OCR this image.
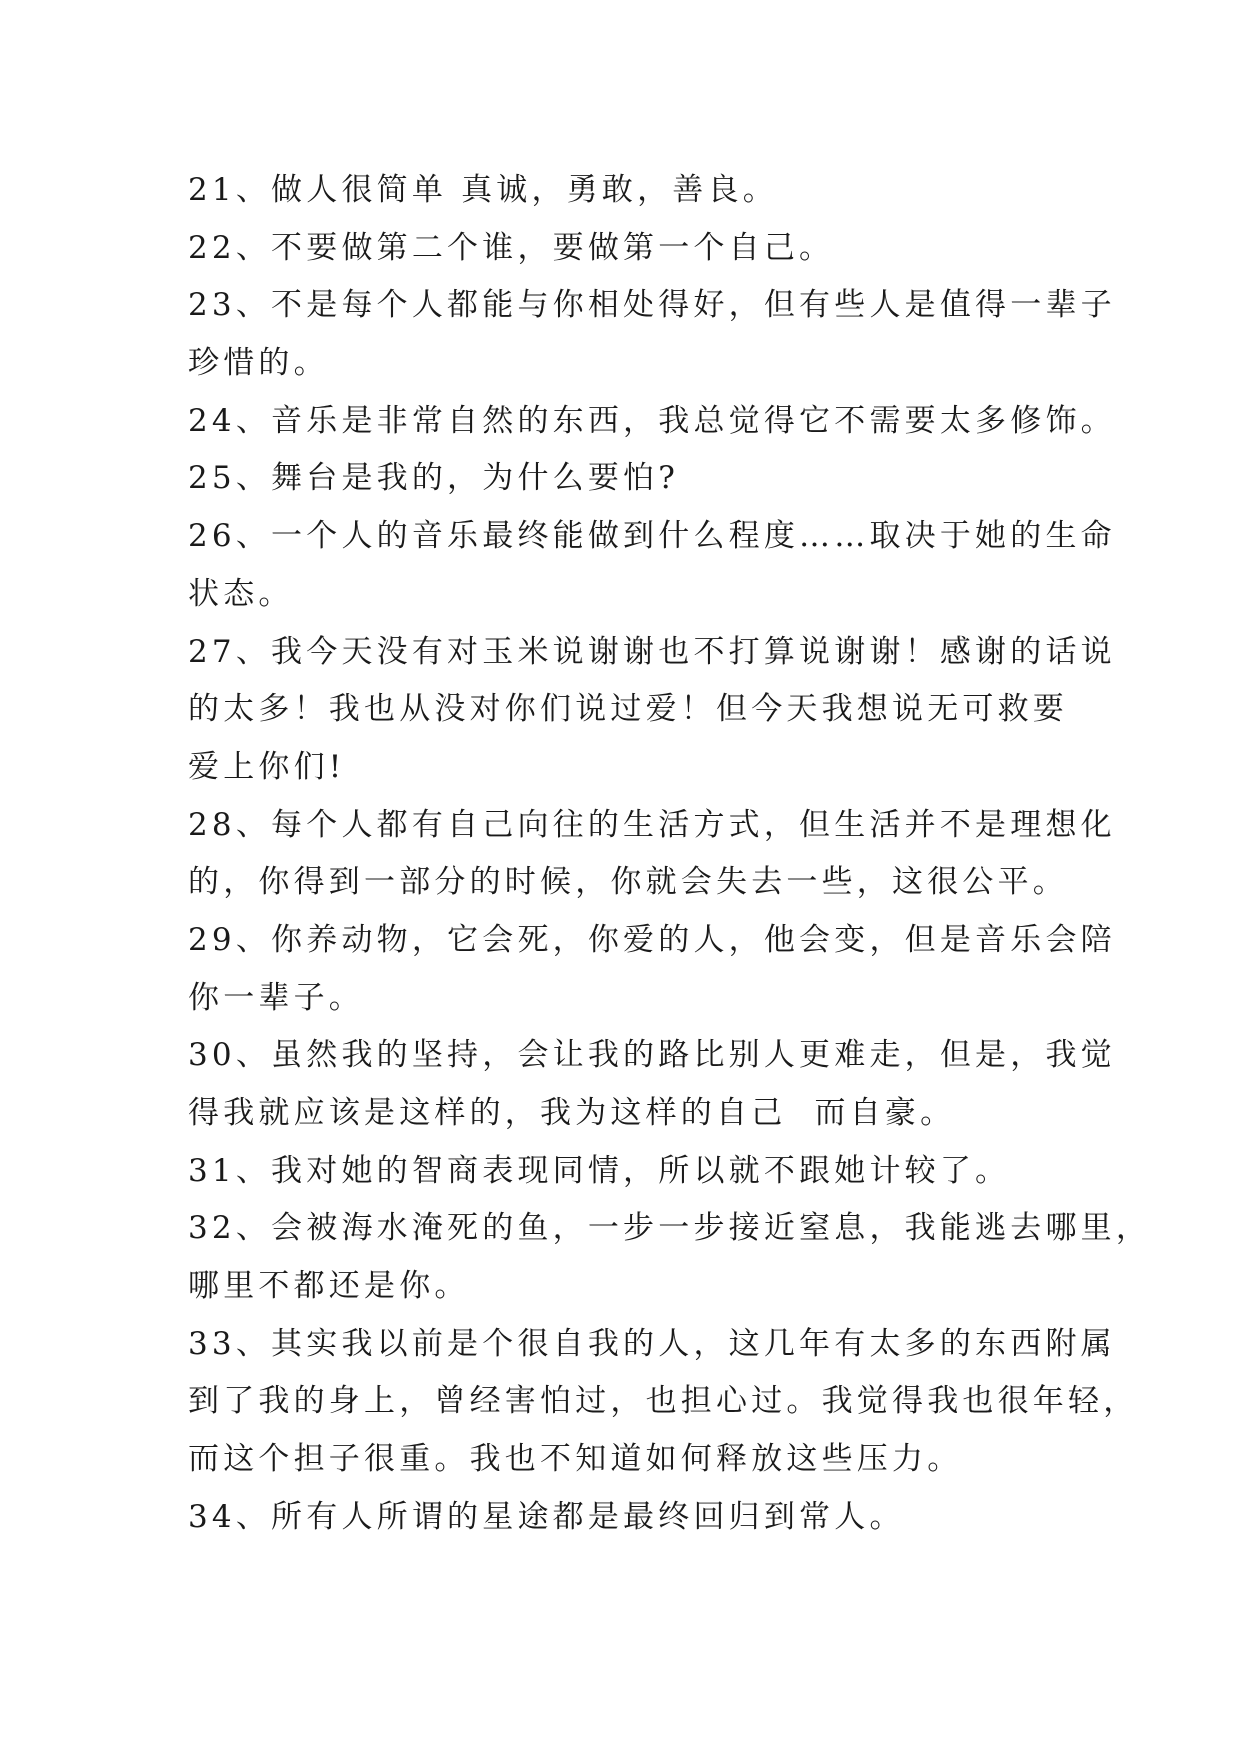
21、做人很简单 真诚，勇敢，善良。

22、不要做第二个谁，要做第一个自己。

23、不是每个人都能与你相处得好，但有些人是值得一辈子

珍惜的。

24、音乐是非常自然的东西，我总觉得它不需要太多修饰。

25、舞台是我的，为什么要怕?

26、一个人的音乐最终能做到什么程度……取决于她的生命

状态。

27、我今天没有对玉米说谢谢也不打算说谢谢！感谢的话说

的太多！我也从没对你们说过爱！但今天我想说无可救要

爱上你们!

28、每个人都有自己向往的生活方式，但生活并不是理想化

的，你得到一部分的时候，你就会失去一些，这很公平。

29、你养动物，它会死，你爱的人，他会变，但是音乐会陪

你一辈子。

30、虽然我的坚持，会让我的路比别人更难走，但是，我觉

得我就应该是这样的，我为这样的自己  而自豪。

31、我对她的智商表现同情，所以就不跟她计较了。

32、会被海水淹死的鱼，一步一步接近窒息，我能逃去哪里，

哪里不都还是你。

33、其实我以前是个很自我的人，这几年有太多的东西附属

到了我的身上，曾经害怕过，也担心过。我觉得我也很年轻，

而这个担子很重。我也不知道如何释放这些压力。

34、所有人所谓的星途都是最终回归到常人。
